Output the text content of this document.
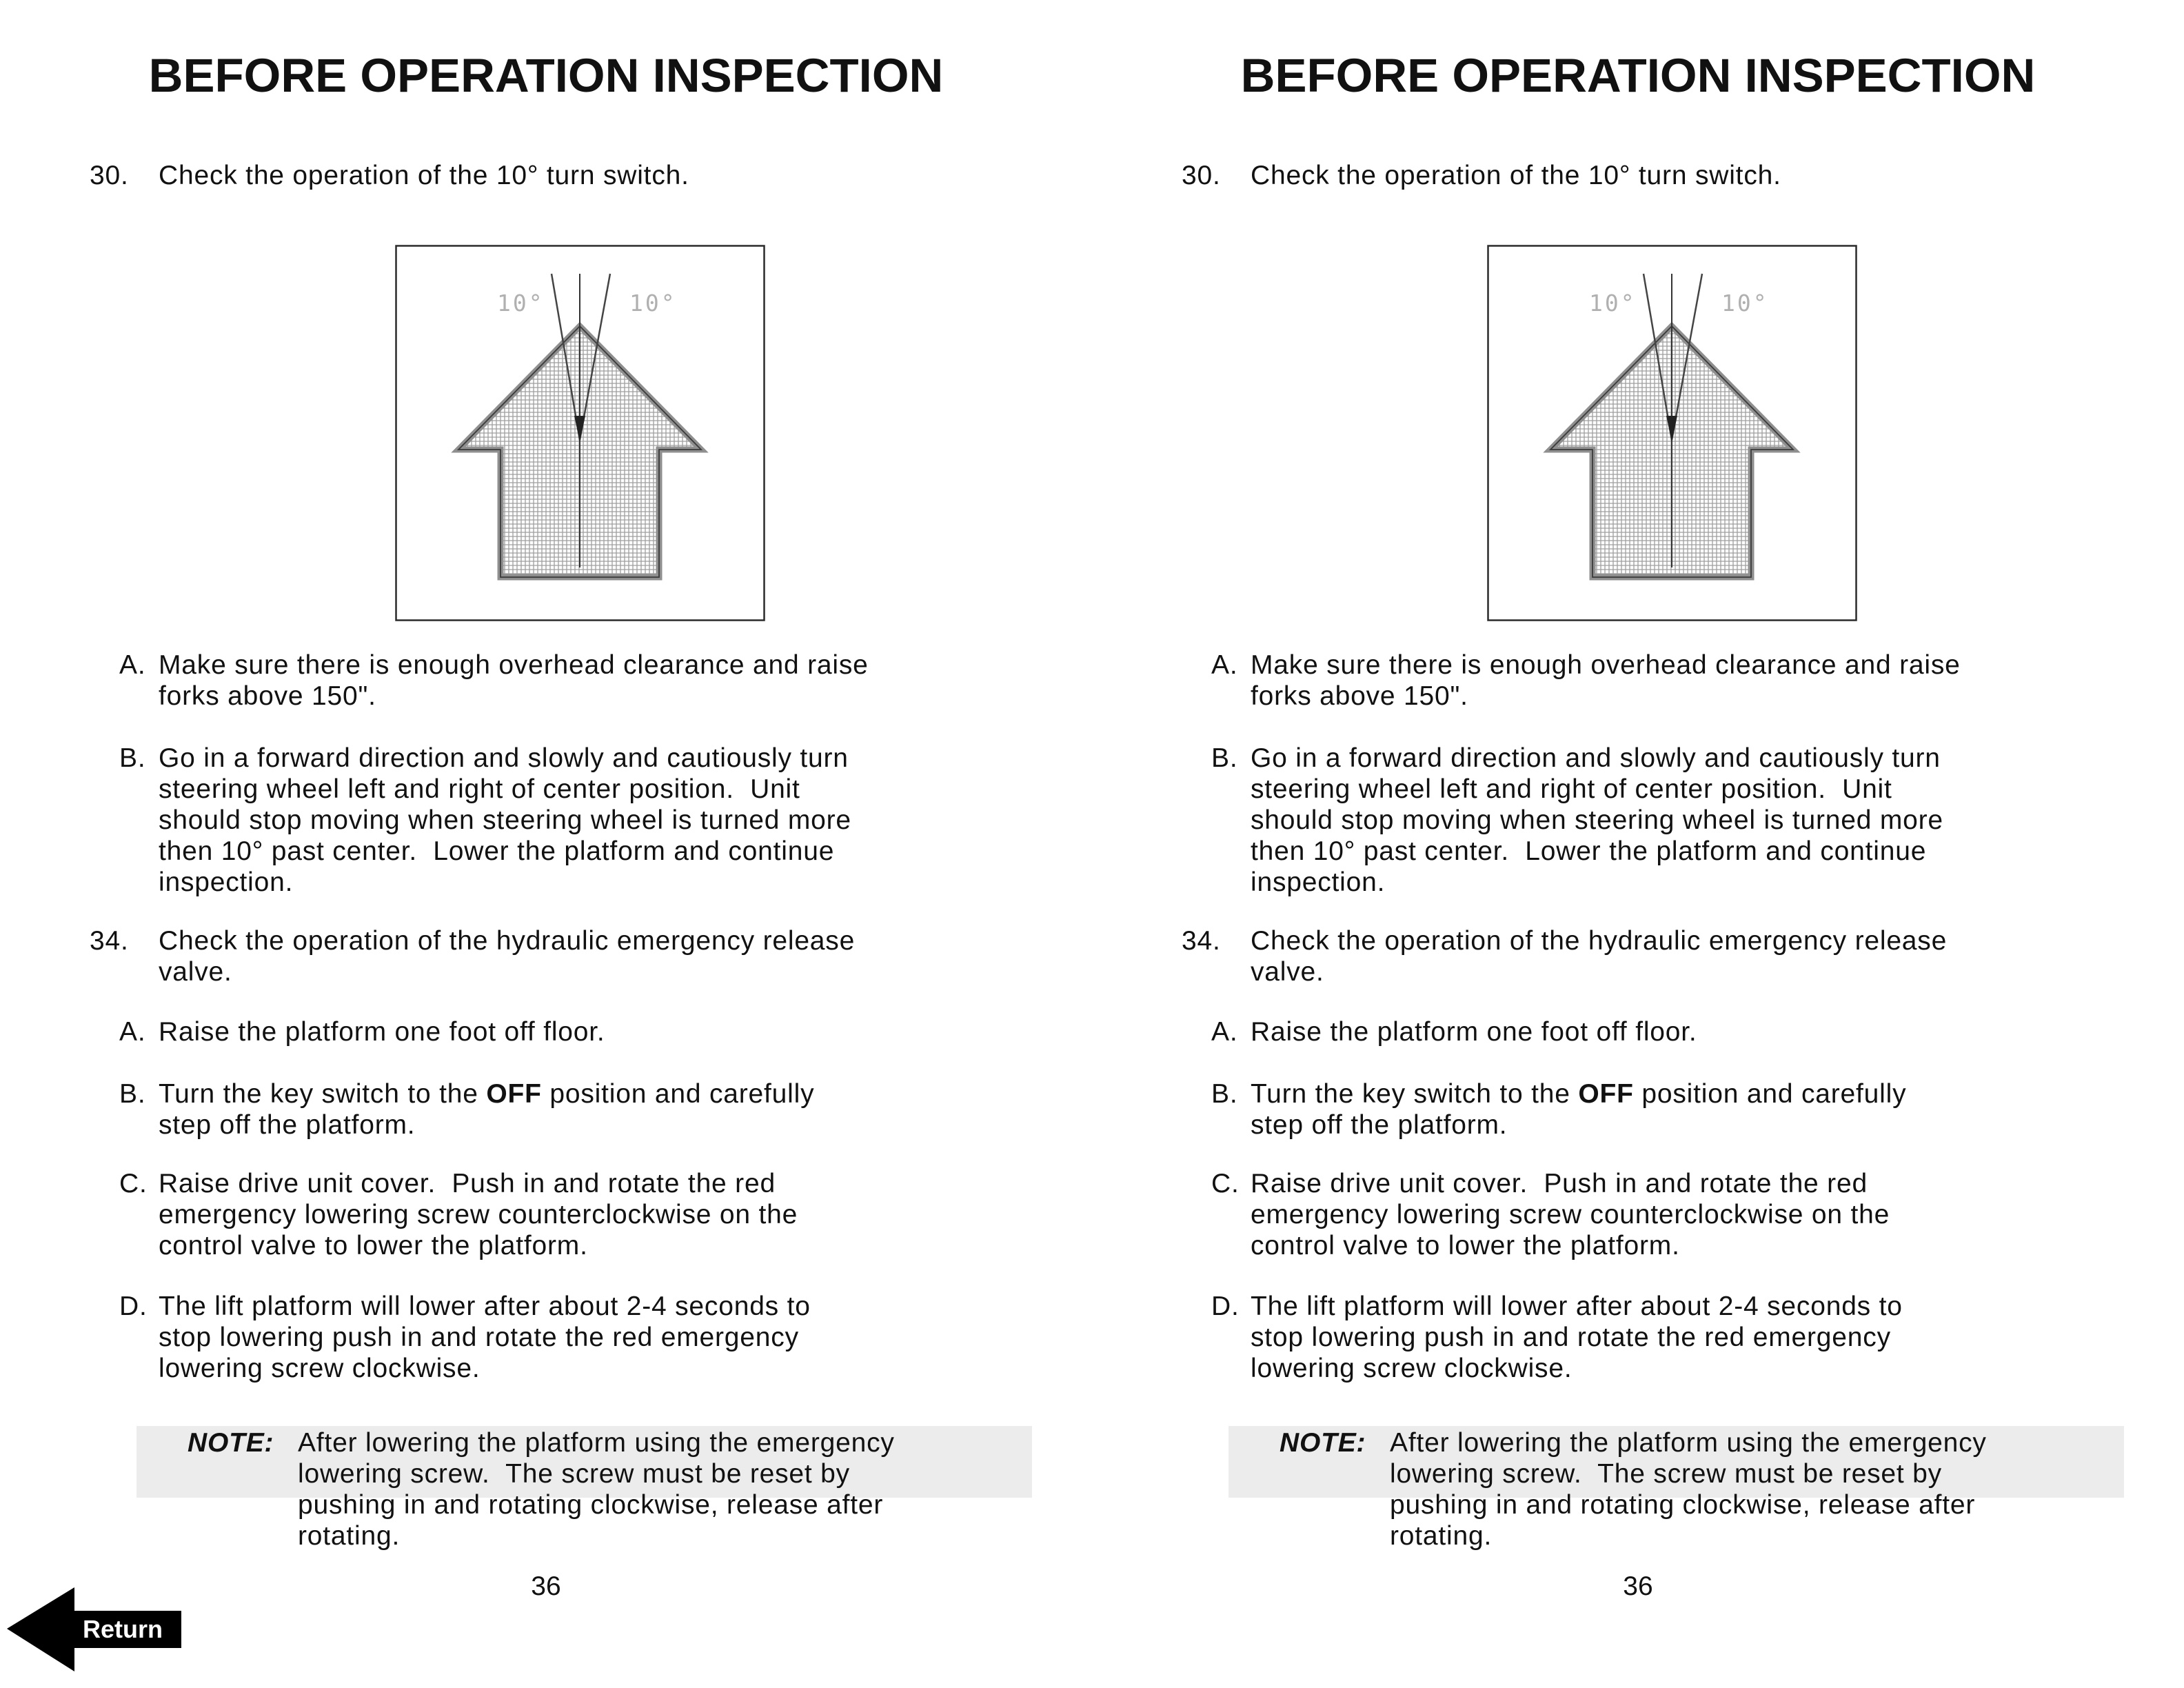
BEFORE OPERATION INSPECTION
30.	Check the operation of the 10° turn switch.
10°	10°
A. Make sure there is enough overhead clearance and raise
forks above 150".
B. Go in a forward direction and slowly and cautiously turn
steering wheel left and right of center position.  Unit
should stop moving when steering wheel is turned more
then 10° past center.  Lower the platform and continue
inspection.
34.	Check the operation of the hydraulic emergency release
valve.
A. Raise the platform one foot off floor.
B. Turn the key switch to the OFF position and carefully
step off the platform.
C. Raise drive unit cover.  Push in and rotate the red
emergency lowering screw counterclockwise on the
control valve to lower the platform.
D. The lift platform will lower after about 2-4 seconds to
stop lowering push in and rotate the red emergency
lowering screw clockwise.
NOTE: After lowering the platform using the emergency
lowering screw.  The screw must be reset by
pushing in and rotating clockwise, release after
rotating.
36
BEFORE OPERATION INSPECTION
30.	Check the operation of the 10° turn switch.
10°	10°
A. Make sure there is enough overhead clearance and raise
forks above 150".
B. Go in a forward direction and slowly and cautiously turn
steering wheel left and right of center position.  Unit
should stop moving when steering wheel is turned more
then 10° past center.  Lower the platform and continue
inspection.
34.	Check the operation of the hydraulic emergency release
valve.
A. Raise the platform one foot off floor.
B. Turn the key switch to the OFF position and carefully
step off the platform.
C. Raise drive unit cover.  Push in and rotate the red
emergency lowering screw counterclockwise on the
control valve to lower the platform.
D. The lift platform will lower after about 2-4 seconds to
stop lowering push in and rotate the red emergency
lowering screw clockwise.
NOTE: After lowering the platform using the emergency
lowering screw.  The screw must be reset by
pushing in and rotating clockwise, release after
rotating.
36
Return
